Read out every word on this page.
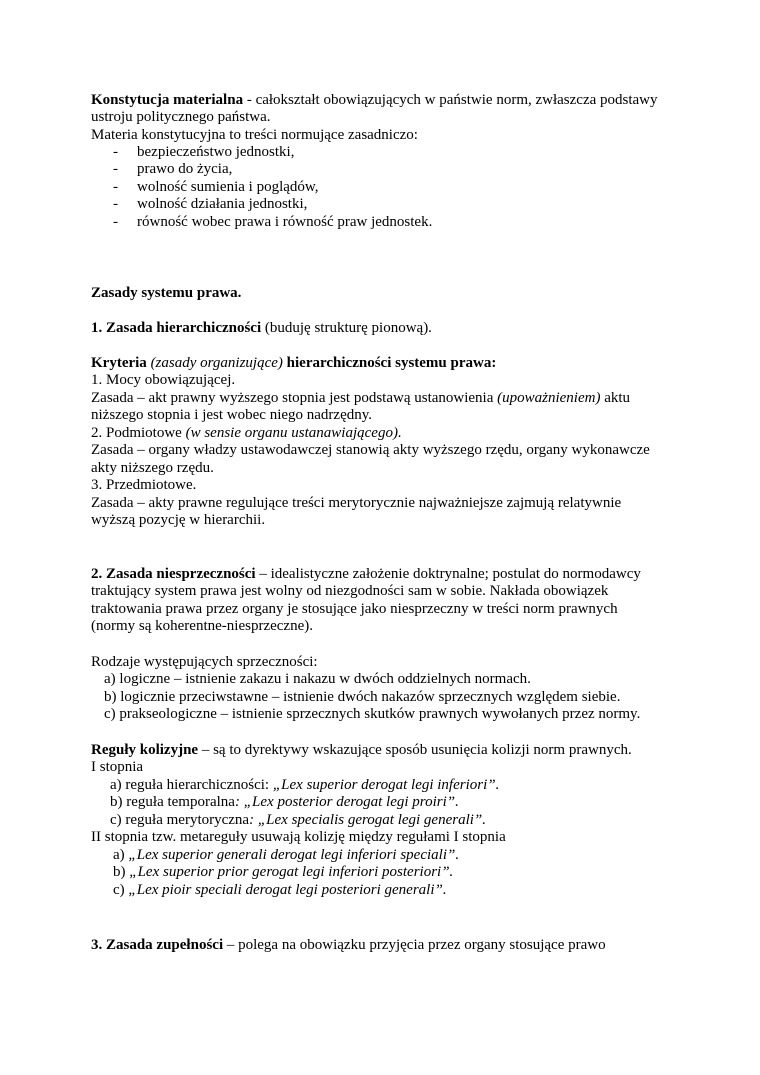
Konstytucja materialna - całokształt obowiązujących w państwie norm, zwłaszcza podstawy
ustroju politycznego państwa.
Materia konstytucyjna to treści normujące zasadniczo:
- bezpieczeństwo jednostki,
- prawo do życia,
- wolność sumienia i poglądów,
- wolność działania jednostki,
- równość wobec prawa i równość praw jednostek.
Zasady systemu prawa.
1. Zasada hierarchiczności (buduję strukturę pionową).
Kryteria (zasady organizujące) hierarchiczności systemu prawa:
1. Mocy obowiązującej.
Zasada – akt prawny wyższego stopnia jest podstawą ustanowienia (upoważnieniem) aktu
niższego stopnia i jest wobec niego nadrzędny.
2. Podmiotowe (w sensie organu ustanawiającego).
Zasada – organy władzy ustawodawczej stanowią akty wyższego rzędu, organy wykonawcze
akty niższego rzędu.
3. Przedmiotowe.
Zasada – akty prawne regulujące treści merytorycznie najważniejsze zajmują relatywnie
wyższą pozycję w hierarchii.
2. Zasada niesprzeczności – idealistyczne założenie doktrynalne; postulat do normodawcy
traktujący system prawa jest wolny od niezgodności sam w sobie. Nakłada obowiązek
traktowania prawa przez organy je stosujące jako niesprzeczny w treści norm prawnych
(normy są koherentne-niesprzeczne).
Rodzaje występujących sprzeczności:
a) logiczne – istnienie zakazu i nakazu w dwóch oddzielnych normach.
b) logicznie przeciwstawne – istnienie dwóch nakazów sprzecznych względem siebie.
c) prakseologiczne – istnienie sprzecznych skutków prawnych wywołanych przez normy.
Reguły kolizyjne – są to dyrektywy wskazujące sposób usunięcia kolizji norm prawnych.
I stopnia
a) reguła hierarchiczności: „Lex superior derogat legi inferiori”.
b) reguła temporalna: „Lex posterior derogat legi proiri”.
c) reguła merytoryczna: „Lex specialis gerogat legi generali”.
II stopnia tzw. metareguły usuwają kolizję między regułami I stopnia
a) „Lex superior generali derogat legi inferiori speciali”.
b) „Lex superior prior gerogat legi inferiori posteriori”.
c) „Lex pioir speciali derogat legi posteriori generali”.
3. Zasada zupełności – polega na obowiązku przyjęcia przez organy stosujące prawo
